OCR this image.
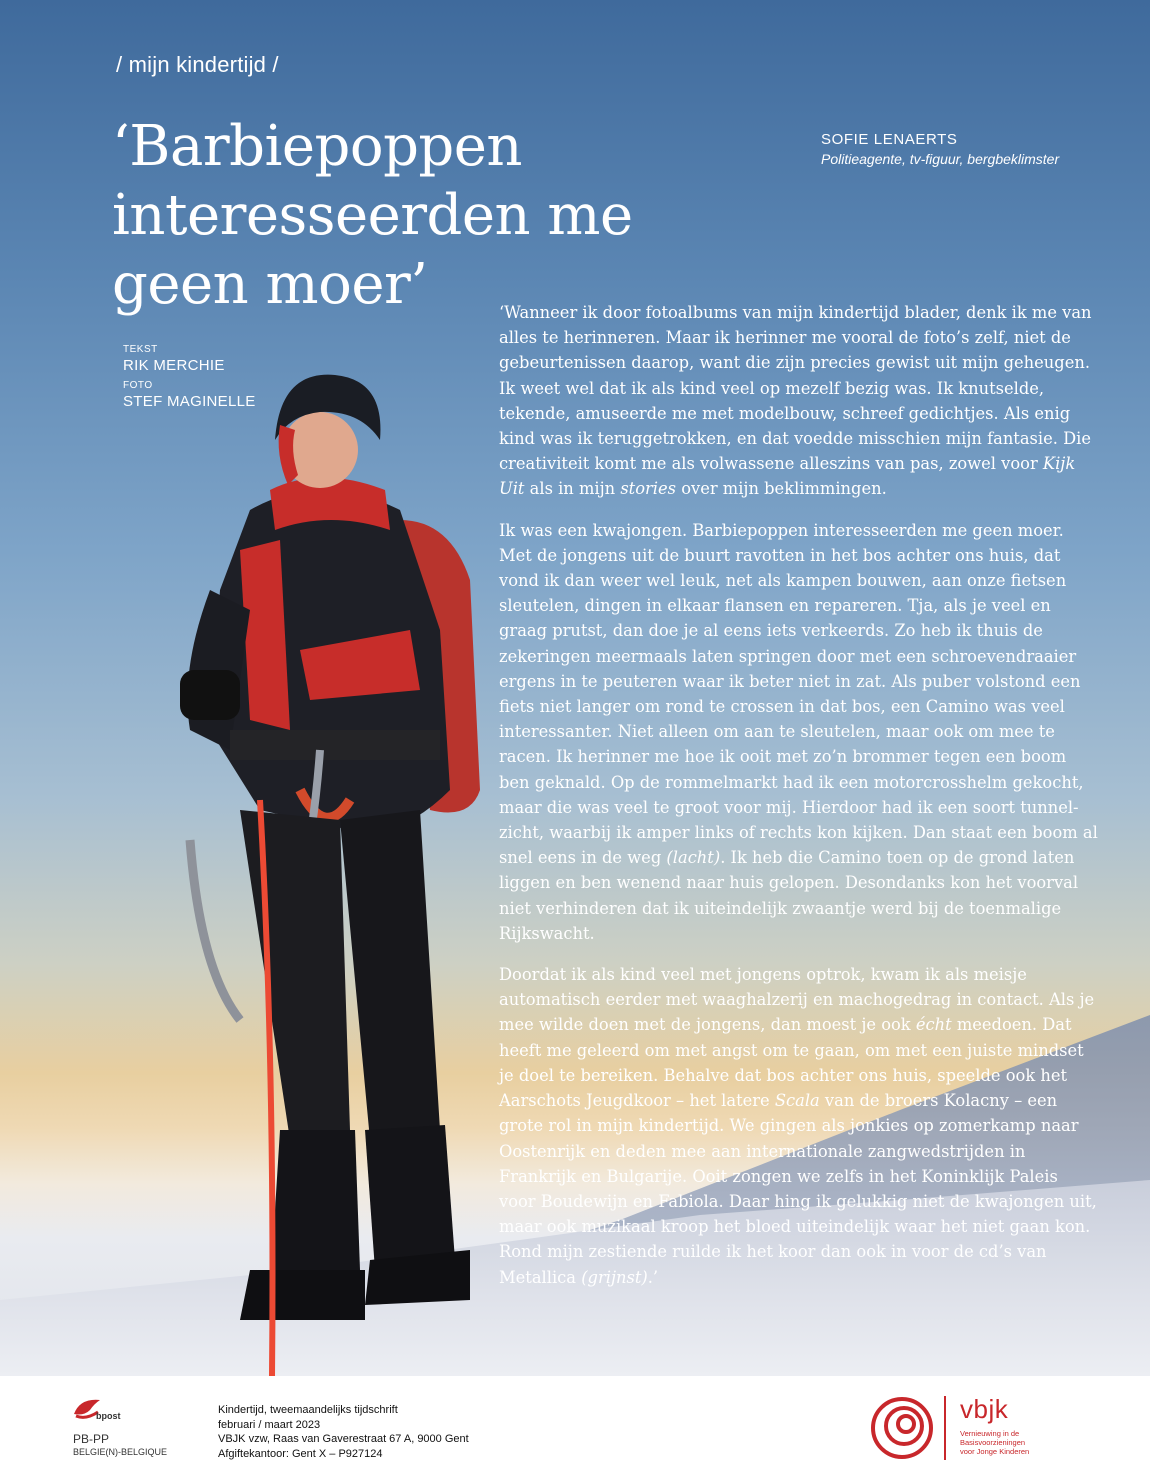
/ mijn kindertijd /
‘Barbiepoppen
interesseerden me
geen moer’
SOFIE LENAERTS
Politieagente, tv-figuur, bergbeklimster
TEKST
RIK MERCHIE
FOTO
STEF MAGINELLE

‘Wanneer ik door fotoalbums van mijn kindertijd blader, denk ik me van alles te herinneren. Maar ik herinner me vooral de foto’s zelf, niet de gebeurtenissen daarop, want die zijn precies gewist uit mijn geheugen. Ik weet wel dat ik als kind veel op mezelf bezig was. Ik knutselde, tekende, amuseerde me met modelbouw, schreef gedichtjes. Als enig kind was ik teruggetrokken, en dat voedde misschien mijn fantasie. Die creativiteit komt me als volwassene alleszins van pas, zowel voor Kijk Uit als in mijn stories over mijn beklimmingen.

Ik was een kwajongen. Barbiepoppen interesseerden me geen moer. Met de jongens uit de buurt ravotten in het bos achter ons huis, dat vond ik dan weer wel leuk, net als kampen bouwen, aan onze fietsen sleutelen, dingen in elkaar flansen en repareren. Tja, als je veel en graag prutst, dan doe je al eens iets verkeerds. Zo heb ik thuis de zekeringen meermaals laten springen door met een schroevendraaier ergens in te peuteren waar ik beter niet in zat. Als puber volstond een fiets niet langer om rond te crossen in dat bos, een Camino was veel interessanter. Niet alleen om aan te sleutelen, maar ook om mee te racen. Ik herinner me hoe ik ooit met zo’n brommer tegen een boom ben geknald. Op de rommelmarkt had ik een motorcrosshelm gekocht, maar die was veel te groot voor mij. Hierdoor had ik een soort tunnelzicht, waarbij ik amper links of rechts kon kijken. Dan staat een boom al snel eens in de weg (lacht). Ik heb die Camino toen op de grond laten liggen en ben wenend naar huis gelopen. Desondanks kon het voorval niet verhinderen dat ik uiteindelijk zwaantje werd bij de toenmalige Rijkswacht.

Doordat ik als kind veel met jongens optrok, kwam ik als meisje automatisch eerder met waaghalzerij en machogedrag in contact. Als je mee wilde doen met de jongens, dan moest je ook écht meedoen. Dat heeft me geleerd om met angst om te gaan, om met een juiste mindset je doel te bereiken. Behalve dat bos achter ons huis, speelde ook het Aarschots Jeugdkoor – het latere Scala van de broers Kolacny – een grote rol in mijn kindertijd. We gingen als jonkies op zomerkamp naar Oostenrijk en deden mee aan internationale zangwedstrijden in Frankrijk en Bulgarije. Ooit zongen we zelfs in het Koninklijk Paleis voor Boudewijn en Fabiola. Daar hing ik gelukkig niet de kwajongen uit, maar ook muzikaal kroop het bloed uiteindelijk waar het niet gaan kon. Rond mijn zestiende ruilde ik het koor dan ook in voor de cd’s van Metallica (grijnst).’

bpost
PB-PP
BELGIE(N)-BELGIQUE
Kindertijd, tweemaandelijks tijdschrift
februari / maart 2023
VBJK vzw, Raas van Gaverestraat 67 A, 9000 Gent
Afgiftekantoor: Gent X – P927124
vbjk
Vernieuwing in de
Basisvoorzieningen
voor Jonge Kinderen
